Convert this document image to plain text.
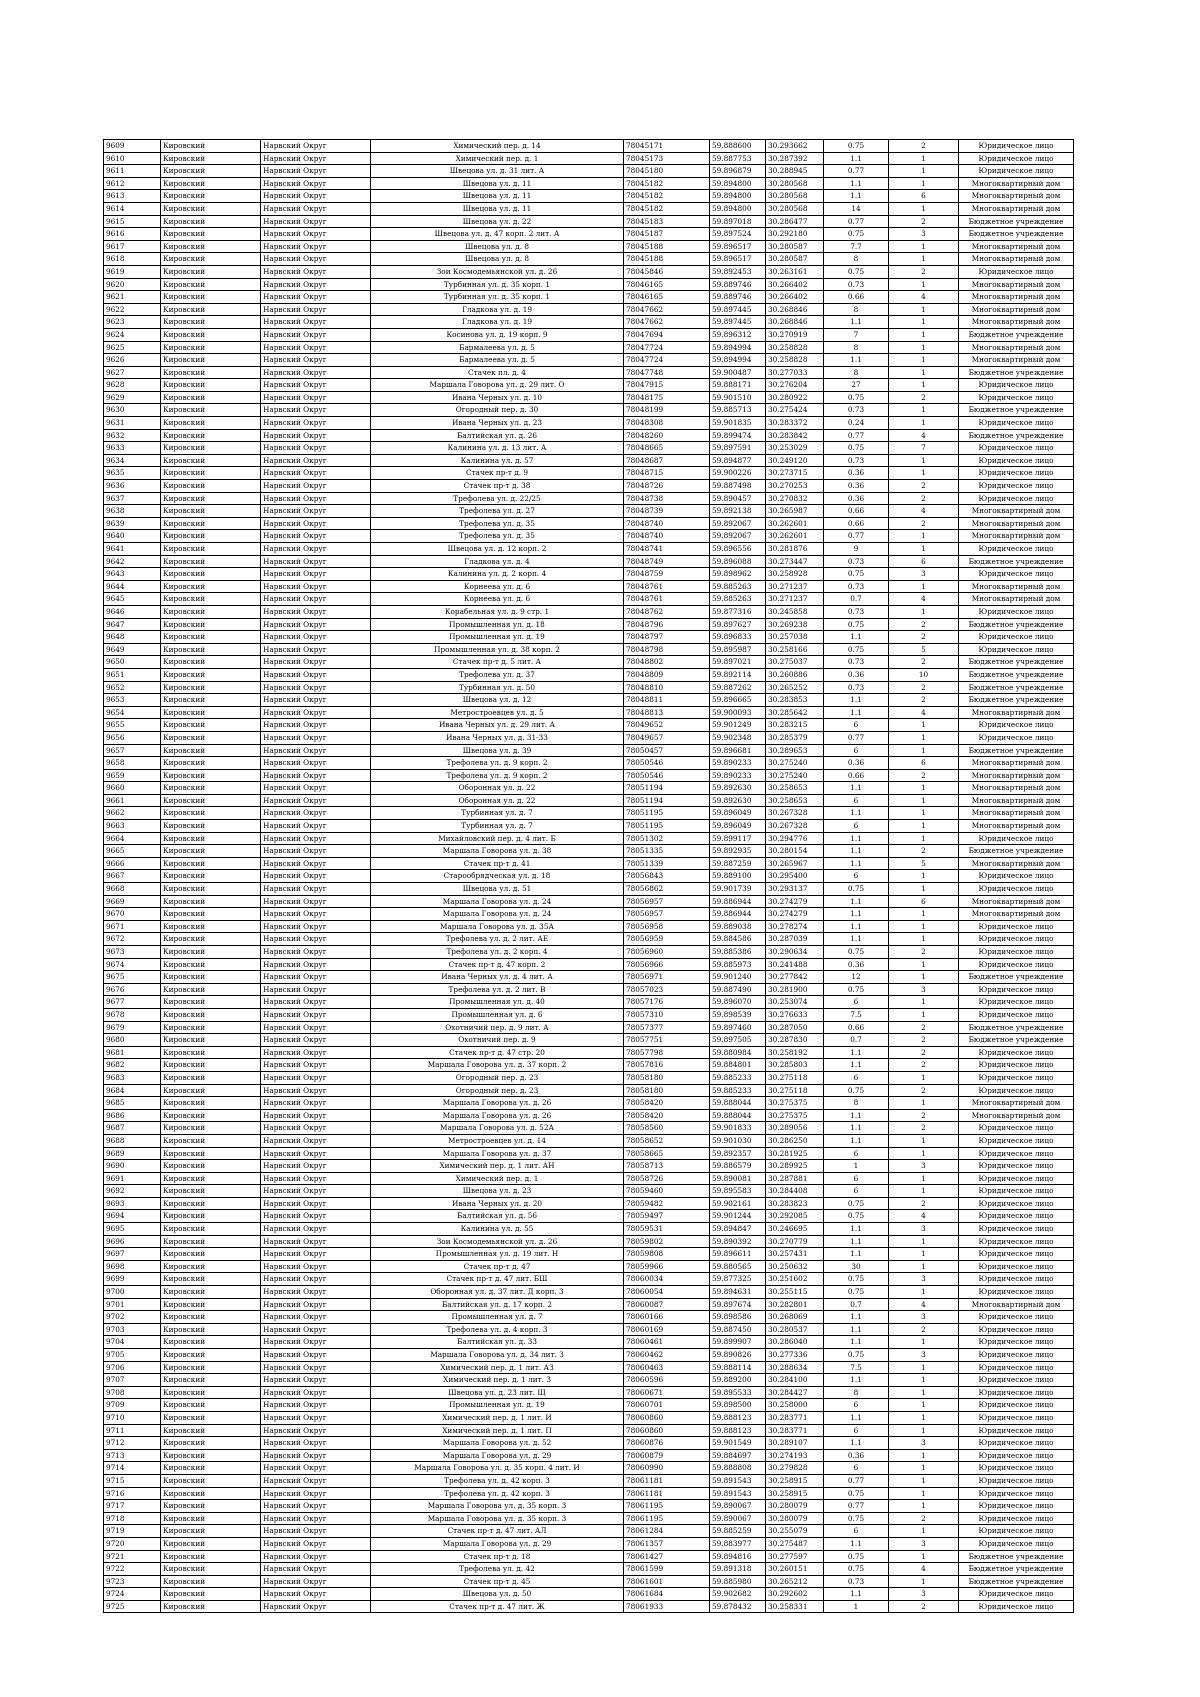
9609	Кировский	Нарвский Округ	Химический пер. д. 14	78045171	59.888600	30.293662	0.75	2	Юридическое лицо
9610	Кировский	Нарвский Округ	Химический пер. д. 1	78045173	59.887753	30.287392	1.1	1	Юридическое лицо
9611	Кировский	Нарвский Округ	Швецова ул. д. 31 лит. А	78045180	59.896879	30.288945	0.77	1	Юридическое лицо
9612	Кировский	Нарвский Округ	Швецова ул. д. 11	78045182	59.894800	30.280568	1.1	1	Многоквартирный дом
9613	Кировский	Нарвский Округ	Швецова ул. д. 11	78045182	59.894800	30.280568	1.1	6	Многоквартирный дом
9614	Кировский	Нарвский Округ	Швецова ул. д. 11	78045182	59.894800	30.280568	14	1	Многоквартирный дом
9615	Кировский	Нарвский Округ	Швецова ул. д. 22	78045183	59.897018	30.286477	0.77	2	Бюджетное учреждение
9616	Кировский	Нарвский Округ	Швецова ул. д. 47 корп. 2 лит. А	78045187	59.897524	30.292180	0.75	3	Бюджетное учреждение
9617	Кировский	Нарвский Округ	Швецова ул. д. 8	78045188	59.896517	30.280587	7.7	1	Многоквартирный дом
9618	Кировский	Нарвский Округ	Швецова ул. д. 8	78045188	59.896517	30.280587	8	1	Многоквартирный дом
9619	Кировский	Нарвский Округ	Зои Космодемьянской ул. д. 26	78045846	59.892453	30.263161	0.75	2	Юридическое лицо
9620	Кировский	Нарвский Округ	Турбинная ул. д. 35 корп. 1	78046165	59.889746	30.266402	0.73	1	Многоквартирный дом
9621	Кировский	Нарвский Округ	Турбинная ул. д. 35 корп. 1	78046165	59.889746	30.266402	0.66	4	Многоквартирный дом
9622	Кировский	Нарвский Округ	Гладкова ул. д. 19	78047662	59.897445	30.268846	8	1	Многоквартирный дом
9623	Кировский	Нарвский Округ	Гладкова ул. д. 19	78047662	59.897445	30.268846	1.1	1	Многоквартирный дом
9624	Кировский	Нарвский Округ	Косинова ул. д. 19 корп. 9	78047694	59.896312	30.270919	7	1	Бюджетное учреждение
9625	Кировский	Нарвский Округ	Бармалеева ул. д. 5	78047724	59.894994	30.258828	8	1	Многоквартирный дом
9626	Кировский	Нарвский Округ	Бармалеева ул. д. 5	78047724	59.894994	30.258828	1.1	1	Многоквартирный дом
9627	Кировский	Нарвский Округ	Стачек пл. д. 4	78047748	59.900487	30.277033	8	1	Бюджетное учреждение
9628	Кировский	Нарвский Округ	Маршала Говорова ул. д. 29 лит. О	78047915	59.888171	30.276204	27	1	Юридическое лицо
9629	Кировский	Нарвский Округ	Ивана Черных ул. д. 10	78048175	59.901510	30.280922	0.75	2	Юридическое лицо
9630	Кировский	Нарвский Округ	Огородный пер. д. 30	78048199	59.885713	30.275424	0.73	1	Бюджетное учреждение
9631	Кировский	Нарвский Округ	Ивана Черных ул. д. 23	78048308	59.901835	30.283372	0.24	1	Юридическое лицо
9632	Кировский	Нарвский Округ	Балтийская ул. д. 26	78048260	59.899474	30.283842	0.77	4	Бюджетное учреждение
9633	Кировский	Нарвский Округ	Калинина ул. д. 13 лит. А	78048665	59.897591	30.253029	0.75	7	Юридическое лицо
9634	Кировский	Нарвский Округ	Калинина ул. д. 57	78048687	59.894877	30.249120	0.73	1	Юридическое лицо
9635	Кировский	Нарвский Округ	Стачек пр-т д. 9	78048715	59.900226	30.273715	0.36	1	Юридическое лицо
9636	Кировский	Нарвский Округ	Стачек пр-т д. 38	78048726	59.887498	30.270253	0.36	2	Юридическое лицо
9637	Кировский	Нарвский Округ	Трефолева ул. д. 22/25	78048738	59.890457	30.270832	0.36	2	Юридическое лицо
9638	Кировский	Нарвский Округ	Трефолева ул. д. 27	78048739	59.892138	30.265987	0.66	4	Многоквартирный дом
9639	Кировский	Нарвский Округ	Трефолева ул. д. 35	78048740	59.892067	30.262601	0.66	2	Многоквартирный дом
9640	Кировский	Нарвский Округ	Трефолева ул. д. 35	78048740	59.892067	30.262601	0.77	1	Многоквартирный дом
9641	Кировский	Нарвский Округ	Швецова ул. д. 12 корп. 2	78048741	59.896556	30.281876	9	1	Юридическое лицо
9642	Кировский	Нарвский Округ	Гладкова ул. д. 4	78048749	59.896088	30.273447	0.73	6	Бюджетное учреждение
9643	Кировский	Нарвский Округ	Калинина ул. д. 2 корп. 4	78048759	59.898962	30.258928	0.75	3	Юридическое лицо
9644	Кировский	Нарвский Округ	Корнеева ул. д. 6	78048761	59.885263	30.271237	0.73	1	Многоквартирный дом
9645	Кировский	Нарвский Округ	Корнеева ул. д. 6	78048761	59.885263	30.271237	0.7	4	Многоквартирный дом
9646	Кировский	Нарвский Округ	Корабельная ул. д. 9 стр. 1	78048762	59.877316	30.245858	0.73	1	Юридическое лицо
9647	Кировский	Нарвский Округ	Промышленная ул. д. 18	78048796	59.897627	30.269238	0.75	2	Бюджетное учреждение
9648	Кировский	Нарвский Округ	Промышленная ул. д. 19	78048797	59.896833	30.257038	1.1	2	Юридическое лицо
9649	Кировский	Нарвский Округ	Промышленная ул. д. 38 корп. 2	78048798	59.895987	30.258166	0.75	5	Юридическое лицо
9650	Кировский	Нарвский Округ	Стачек пр-т д. 5 лит. А	78048802	59.897021	30.275037	0.73	2	Бюджетное учреждение
9651	Кировский	Нарвский Округ	Трефолева ул. д. 37	78048809	59.892114	30.260886	0.36	10	Бюджетное учреждение
9652	Кировский	Нарвский Округ	Турбинная ул. д. 50	78048810	59.887262	30.265252	0.73	2	Бюджетное учреждение
9653	Кировский	Нарвский Округ	Швецова ул. д. 12	78048811	59.896665	30.283853	1.1	2	Бюджетное учреждение
9654	Кировский	Нарвский Округ	Метростроевцев ул. д. 5	78048813	59.900093	30.285642	1.1	4	Многоквартирный дом
9655	Кировский	Нарвский Округ	Ивана Черных ул. д. 29 лит. А	78049652	59.901249	30.283215	6	1	Юридическое лицо
9656	Кировский	Нарвский Округ	Ивана Черных ул. д. 31-33	78049657	59.902348	30.285379	0.77	1	Юридическое лицо
9657	Кировский	Нарвский Округ	Швецова ул. д. 39	78050457	59.896681	30.289653	6	1	Бюджетное учреждение
9658	Кировский	Нарвский Округ	Трефолева ул. д. 9 корп. 2	78050546	59.890233	30.275240	0.36	6	Многоквартирный дом
9659	Кировский	Нарвский Округ	Трефолева ул. д. 9 корп. 2	78050546	59.890233	30.275240	0.66	2	Многоквартирный дом
9660	Кировский	Нарвский Округ	Оборонная ул. д. 22	78051194	59.892630	30.258653	1.1	1	Многоквартирный дом
9661	Кировский	Нарвский Округ	Оборонная ул. д. 22	78051194	59.892630	30.258653	6	1	Многоквартирный дом
9662	Кировский	Нарвский Округ	Турбинная ул. д. 7	78051195	59.896049	30.267328	1.1	1	Многоквартирный дом
9663	Кировский	Нарвский Округ	Турбинная ул. д. 7	78051195	59.896049	30.267328	6	1	Многоквартирный дом
9664	Кировский	Нарвский Округ	Михайловский пер. д. 4 лит. Б	78051302	59.899117	30.294776	1.1	1	Юридическое лицо
9665	Кировский	Нарвский Округ	Маршала Говорова ул. д. 38	78051335	59.892935	30.280154	1.1	2	Бюджетное учреждение
9666	Кировский	Нарвский Округ	Стачек пр-т д. 41	78051339	59.887259	30.265967	1.1	5	Многоквартирный дом
9667	Кировский	Нарвский Округ	Старообрядческая ул. д. 18	78056843	59.889100	30.295400	6	1	Юридическое лицо
9668	Кировский	Нарвский Округ	Швецова ул. д. 51	78056862	59.901739	30.293137	0.75	1	Юридическое лицо
9669	Кировский	Нарвский Округ	Маршала Говорова ул. д. 24	78056957	59.886944	30.274279	1.1	6	Многоквартирный дом
9670	Кировский	Нарвский Округ	Маршала Говорова ул. д. 24	78056957	59.886944	30.274279	1.1	1	Многоквартирный дом
9671	Кировский	Нарвский Округ	Маршала Говорова ул. д. 35А	78056958	59.889038	30.278274	1.1	1	Юридическое лицо
9672	Кировский	Нарвский Округ	Трефолева ул. д. 2 лит. АЕ	78056959	59.884586	30.287039	1.1	1	Юридическое лицо
9673	Кировский	Нарвский Округ	Трефолева ул. д. 2 корп. 4	78056960	59.885386	30.290634	0.75	2	Юридическое лицо
9674	Кировский	Нарвский Округ	Стачек пр-т д. 47 корп. 2	78056966	59.885973	30.241488	0.36	1	Юридическое лицо
9675	Кировский	Нарвский Округ	Ивана Черных ул. д. 4 лит. А	78056971	59.901240	30.277842	12	1	Бюджетное учреждение
9676	Кировский	Нарвский Округ	Трефолева ул. д. 2 лит. В	78057023	59.887490	30.281900	0.75	3	Юридическое лицо
9677	Кировский	Нарвский Округ	Промышленная ул. д. 40	78057176	59.896070	30.253074	6	1	Юридическое лицо
9678	Кировский	Нарвский Округ	Промышленная ул. д. 6	78057310	59.898539	30.276633	7.5	1	Юридическое лицо
9679	Кировский	Нарвский Округ	Охотничий пер. д. 9 лит. А	78057377	59.897460	30.287050	0.66	2	Бюджетное учреждение
9680	Кировский	Нарвский Округ	Охотничий пер. д. 9	78057751	59.897505	30.287830	0.7	2	Бюджетное учреждение
9681	Кировский	Нарвский Округ	Стачек пр-т д. 47 стр. 20	78057798	59.880984	30.258192	1.1	2	Юридическое лицо
9682	Кировский	Нарвский Округ	Маршала Говорова ул. д. 37 корп. 2	78057816	59.884801	30.285803	1.1	2	Юридическое лицо
9683	Кировский	Нарвский Округ	Огородный пер. д. 23	78058180	59.885233	30.275118	6	1	Юридическое лицо
9684	Кировский	Нарвский Округ	Огородный пер. д. 23	78058180	59.885233	30.275118	0.75	2	Юридическое лицо
9685	Кировский	Нарвский Округ	Маршала Говорова ул. д. 26	78058420	59.888044	30.275375	8	1	Многоквартирный дом
9686	Кировский	Нарвский Округ	Маршала Говорова ул. д. 26	78058420	59.888044	30.275375	1.1	2	Многоквартирный дом
9687	Кировский	Нарвский Округ	Маршала Говорова ул. д. 52А	78058560	59.901833	30.289056	1.1	2	Юридическое лицо
9688	Кировский	Нарвский Округ	Метростроевцев ул. д. 14	78058652	59.901030	30.286250	1.1	1	Юридическое лицо
9689	Кировский	Нарвский Округ	Маршала Говорова ул. д. 37	78058665	59.892357	30.281925	6	1	Юридическое лицо
9690	Кировский	Нарвский Округ	Химический пер. д. 1 лит. АН	78058713	59.886579	30.289925	1	3	Юридическое лицо
9691	Кировский	Нарвский Округ	Химический пер. д. 1	78058726	59.890081	30.287881	6	1	Юридическое лицо
9692	Кировский	Нарвский Округ	Швецова ул. д. 23	78059460	59.895583	30.284408	6	1	Юридическое лицо
9693	Кировский	Нарвский Округ	Ивана Черных ул. д. 20	78059482	59.902161	30.283823	0.75	2	Юридическое лицо
9694	Кировский	Нарвский Округ	Балтийская ул. д. 56	78059497	59.901244	30.292085	0.75	4	Юридическое лицо
9695	Кировский	Нарвский Округ	Калинина ул. д. 55	78059531	59.894847	30.246695	1.1	3	Юридическое лицо
9696	Кировский	Нарвский Округ	Зои Космодемьянской ул. д. 26	78059802	59.890392	30.270779	1.1	1	Юридическое лицо
9697	Кировский	Нарвский Округ	Промышленная ул. д. 19 лит. Н	78059808	59.896611	30.257431	1.1	1	Юридическое лицо
9698	Кировский	Нарвский Округ	Стачек пр-т д. 47	78059966	59.880565	30.250632	30	1	Юридическое лицо
9699	Кировский	Нарвский Округ	Стачек пр-т д. 47 лит. БШ	78060034	59.877325	30.251602	0.75	3	Юридическое лицо
9700	Кировский	Нарвский Округ	Оборонная ул. д. 37 лит. Д корп. 3	78060054	59.894631	30.255115	0.75	1	Юридическое лицо
9701	Кировский	Нарвский Округ	Балтийская ул. д. 17 корп. 2	78060087	59.897674	30.282801	0.7	4	Многоквартирный дом
9702	Кировский	Нарвский Округ	Промышленная ул. д. 7	78060166	59.898586	30.268069	1.1	3	Юридическое лицо
9703	Кировский	Нарвский Округ	Трефолева ул. д. 4 корп. 3	78060169	59.887450	30.280537	1.1	2	Юридическое лицо
9704	Кировский	Нарвский Округ	Балтийская ул. д. 33	78060461	59.899907	30.286040	1.1	1	Юридическое лицо
9705	Кировский	Нарвский Округ	Маршала Говорова ул. д. 34 лит. З	78060462	59.890826	30.277336	0.75	3	Юридическое лицо
9706	Кировский	Нарвский Округ	Химический пер. д. 1 лит. АЗ	78060463	59.888114	30.288634	7.5	1	Юридическое лицо
9707	Кировский	Нарвский Округ	Химический пер. д. 1 лит. З	78060596	59.889200	30.284100	1.1	1	Юридическое лицо
9708	Кировский	Нарвский Округ	Швецова ул. д. 23 лит. Щ	78060671	59.895533	30.284427	8	1	Юридическое лицо
9709	Кировский	Нарвский Округ	Промышленная ул. д. 19	78060701	59.898500	30.258000	6	1	Юридическое лицо
9710	Кировский	Нарвский Округ	Химический пер. д. 1 лит. И	78060860	59.888123	30.283771	1.1	1	Юридическое лицо
9711	Кировский	Нарвский Округ	Химический пер. д. 1 лит. П	78060860	59.888123	30.283771	6	1	Юридическое лицо
9712	Кировский	Нарвский Округ	Маршала Говорова ул. д. 52	78060876	59.901549	30.289107	1.1	3	Юридическое лицо
9713	Кировский	Нарвский Округ	Маршала Говорова ул. д. 29	78060879	59.884697	30.274193	0.36	1	Юридическое лицо
9714	Кировский	Нарвский Округ	Маршала Говорова ул. д. 35 корп. 4 лит. И	78060990	59.888808	30.279828	6	1	Юридическое лицо
9715	Кировский	Нарвский Округ	Трефолева ул. д. 42 корп. 3	78061181	59.891543	30.258915	0.77	1	Юридическое лицо
9716	Кировский	Нарвский Округ	Трефолева ул. д. 42 корп. 3	78061181	59.891543	30.258915	0.75	1	Юридическое лицо
9717	Кировский	Нарвский Округ	Маршала Говорова ул. д. 35 корп. 3	78061195	59.890067	30.280079	0.77	1	Юридическое лицо
9718	Кировский	Нарвский Округ	Маршала Говорова ул. д. 35 корп. 3	78061195	59.890067	30.280079	0.75	2	Юридическое лицо
9719	Кировский	Нарвский Округ	Стачек пр-т д. 47 лит. АЛ	78061284	59.885259	30.255079	6	1	Юридическое лицо
9720	Кировский	Нарвский Округ	Маршала Говорова ул. д. 29	78061357	59.883977	30.275487	1.1	3	Юридическое лицо
9721	Кировский	Нарвский Округ	Стачек пр-т д. 18	78061427	59.894816	30.277597	0.75	1	Бюджетное учреждение
9722	Кировский	Нарвский Округ	Трефолева ул. д. 42	78061599	59.891318	30.260151	0.75	4	Бюджетное учреждение
9723	Кировский	Нарвский Округ	Стачек пр-т д. 45	78061601	59.885980	30.265212	0.73	1	Бюджетное учреждение
9724	Кировский	Нарвский Округ	Швецова ул. д. 50	78061684	59.902682	30.292602	1.1	3	Юридическое лицо
9725	Кировский	Нарвский Округ	Стачек пр-т д. 47 лит. Ж	78061933	59.878432	30.258331	1	2	Юридическое лицо
